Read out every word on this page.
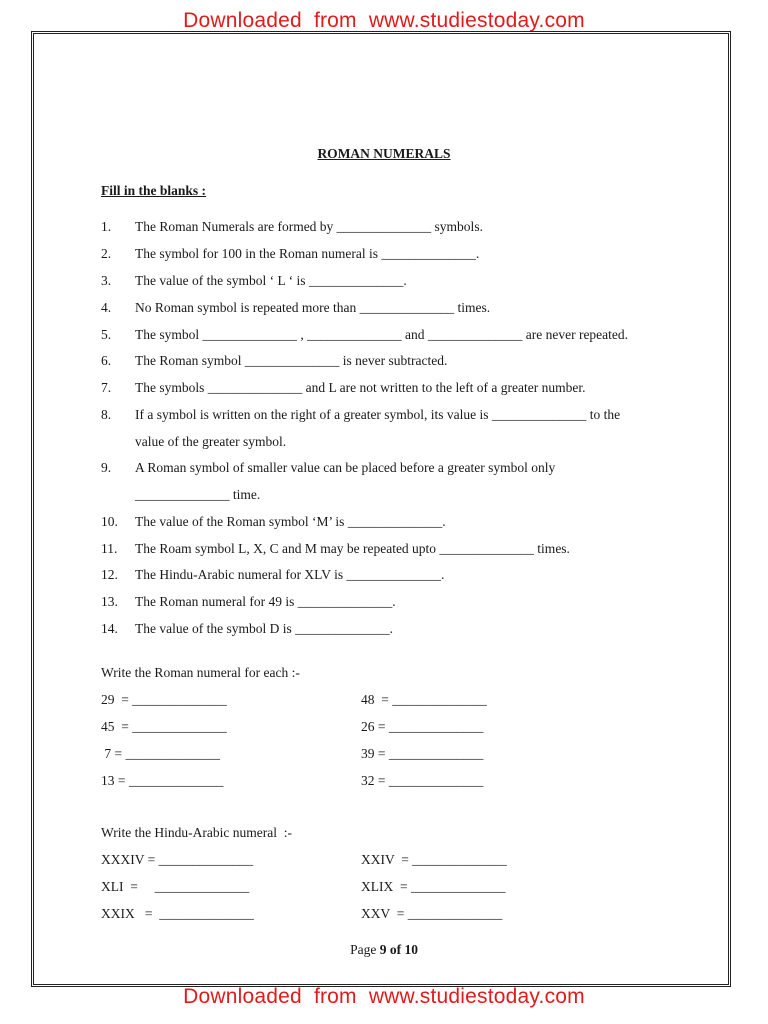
Downloaded  from  www.studiestoday.com
ROMAN NUMERALS
Fill in the blanks :
1. The Roman Numerals are formed by ______________ symbols.
2. The symbol for 100 in the Roman numeral is ______________.
3. The value of the symbol ‘ L ‘ is ______________.
4. No Roman symbol is repeated more than ______________ times.
5. The symbol ______________ , ______________ and ______________ are never repeated.
6. The Roman symbol ______________ is never subtracted.
7. The symbols ______________ and L are not written to the left of a greater number.
8. If a symbol is written on the right of a greater symbol, its value is ______________ to the
value of the greater symbol.
9. A Roman symbol of smaller value can be placed before a greater symbol only
______________ time.
10. The value of the Roman symbol ‘M’ is ______________.
11. The Roam symbol L, X, C and M may be repeated upto ______________ times.
12. The Hindu-Arabic numeral for XLV is ______________.
13. The Roman numeral for 49 is ______________.
14. The value of the symbol D is ______________.
Write the Roman numeral for each :-
29  = ______________
45  = ______________
7 = ______________
13 = ______________
48  = ______________
26 = ______________
39 = ______________
32 = ______________
Write the Hindu-Arabic numeral  :-
XXXIV = ______________
XLI  =     ______________
XXIX   =  ______________
XXIV  = ______________
XLIX  = ______________
XXV  = ______________
Page 9 of 10
Downloaded  from  www.studiestoday.com
